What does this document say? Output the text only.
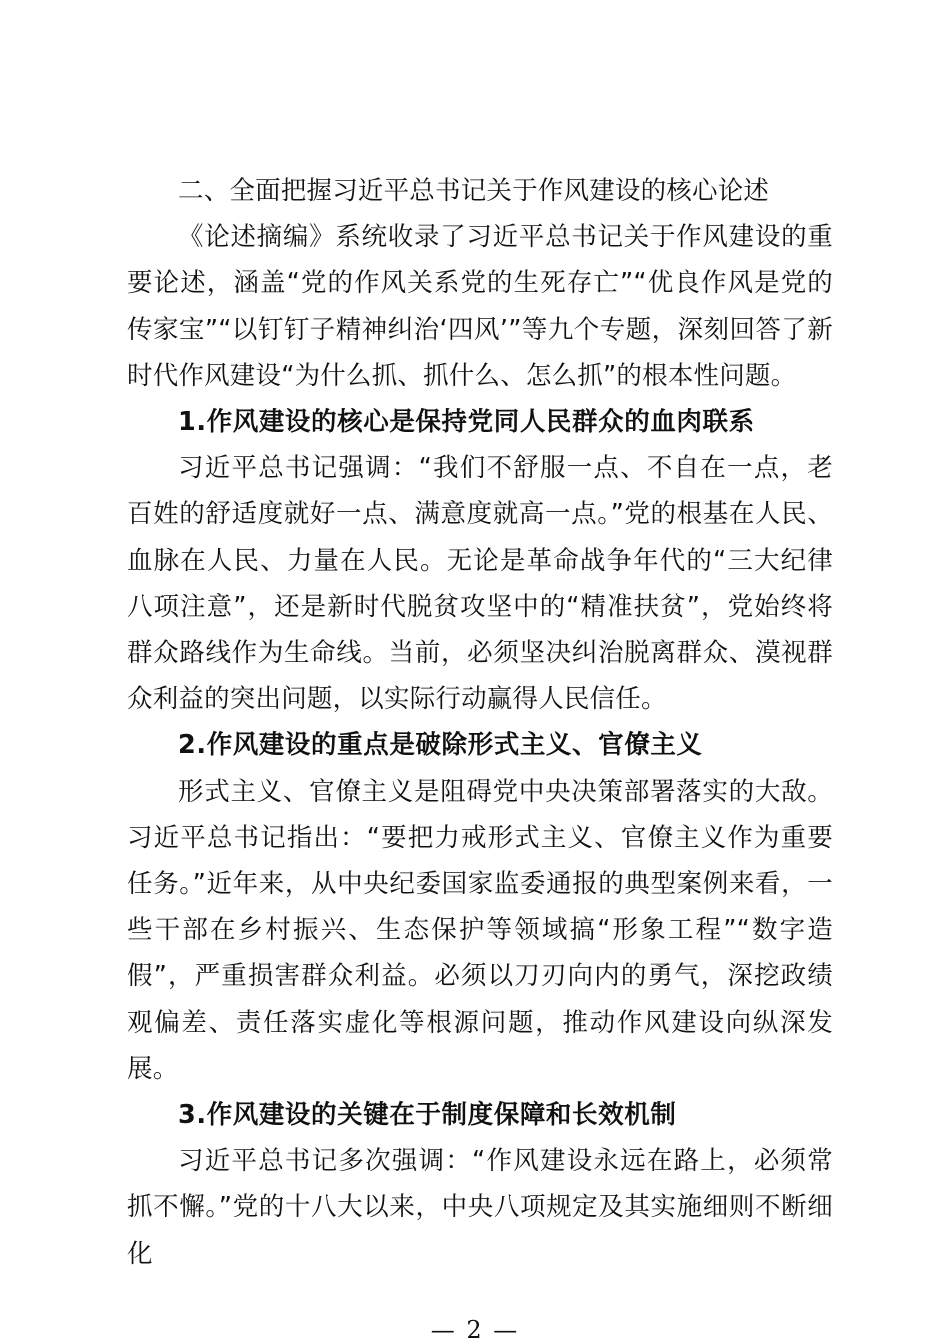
二、全面把握习近平总书记关于作风建设的核心论述

《论述摘编》系统收录了习近平总书记关于作风建设的重要论述，涵盖“党的作风关系党的生死存亡”“优良作风是党的传家宝”“以钉钉子精神纠治‘四风’”等九个专题，深刻回答了新时代作风建设“为什么抓、抓什么、怎么抓”的根本性问题。

1.作风建设的核心是保持党同人民群众的血肉联系

习近平总书记强调：“我们不舒服一点、不自在一点，老百姓的舒适度就好一点、满意度就高一点。”党的根基在人民、血脉在人民、力量在人民。无论是革命战争年代的“三大纪律八项注意”，还是新时代脱贫攻坚中的“精准扶贫”，党始终将群众路线作为生命线。当前，必须坚决纠治脱离群众、漠视群众利益的突出问题，以实际行动赢得人民信任。

2.作风建设的重点是破除形式主义、官僚主义

形式主义、官僚主义是阻碍党中央决策部署落实的大敌。习近平总书记指出：“要把力戒形式主义、官僚主义作为重要任务。”近年来，从中央纪委国家监委通报的典型案例来看，一些干部在乡村振兴、生态保护等领域搞“形象工程”“数字造假”，严重损害群众利益。必须以刀刃向内的勇气，深挖政绩观偏差、责任落实虚化等根源问题，推动作风建设向纵深发展。

3.作风建设的关键在于制度保障和长效机制

习近平总书记多次强调：“作风建设永远在路上，必须常抓不懈。”党的十八大以来，中央八项规定及其实施细则不断细化

— 2 —
